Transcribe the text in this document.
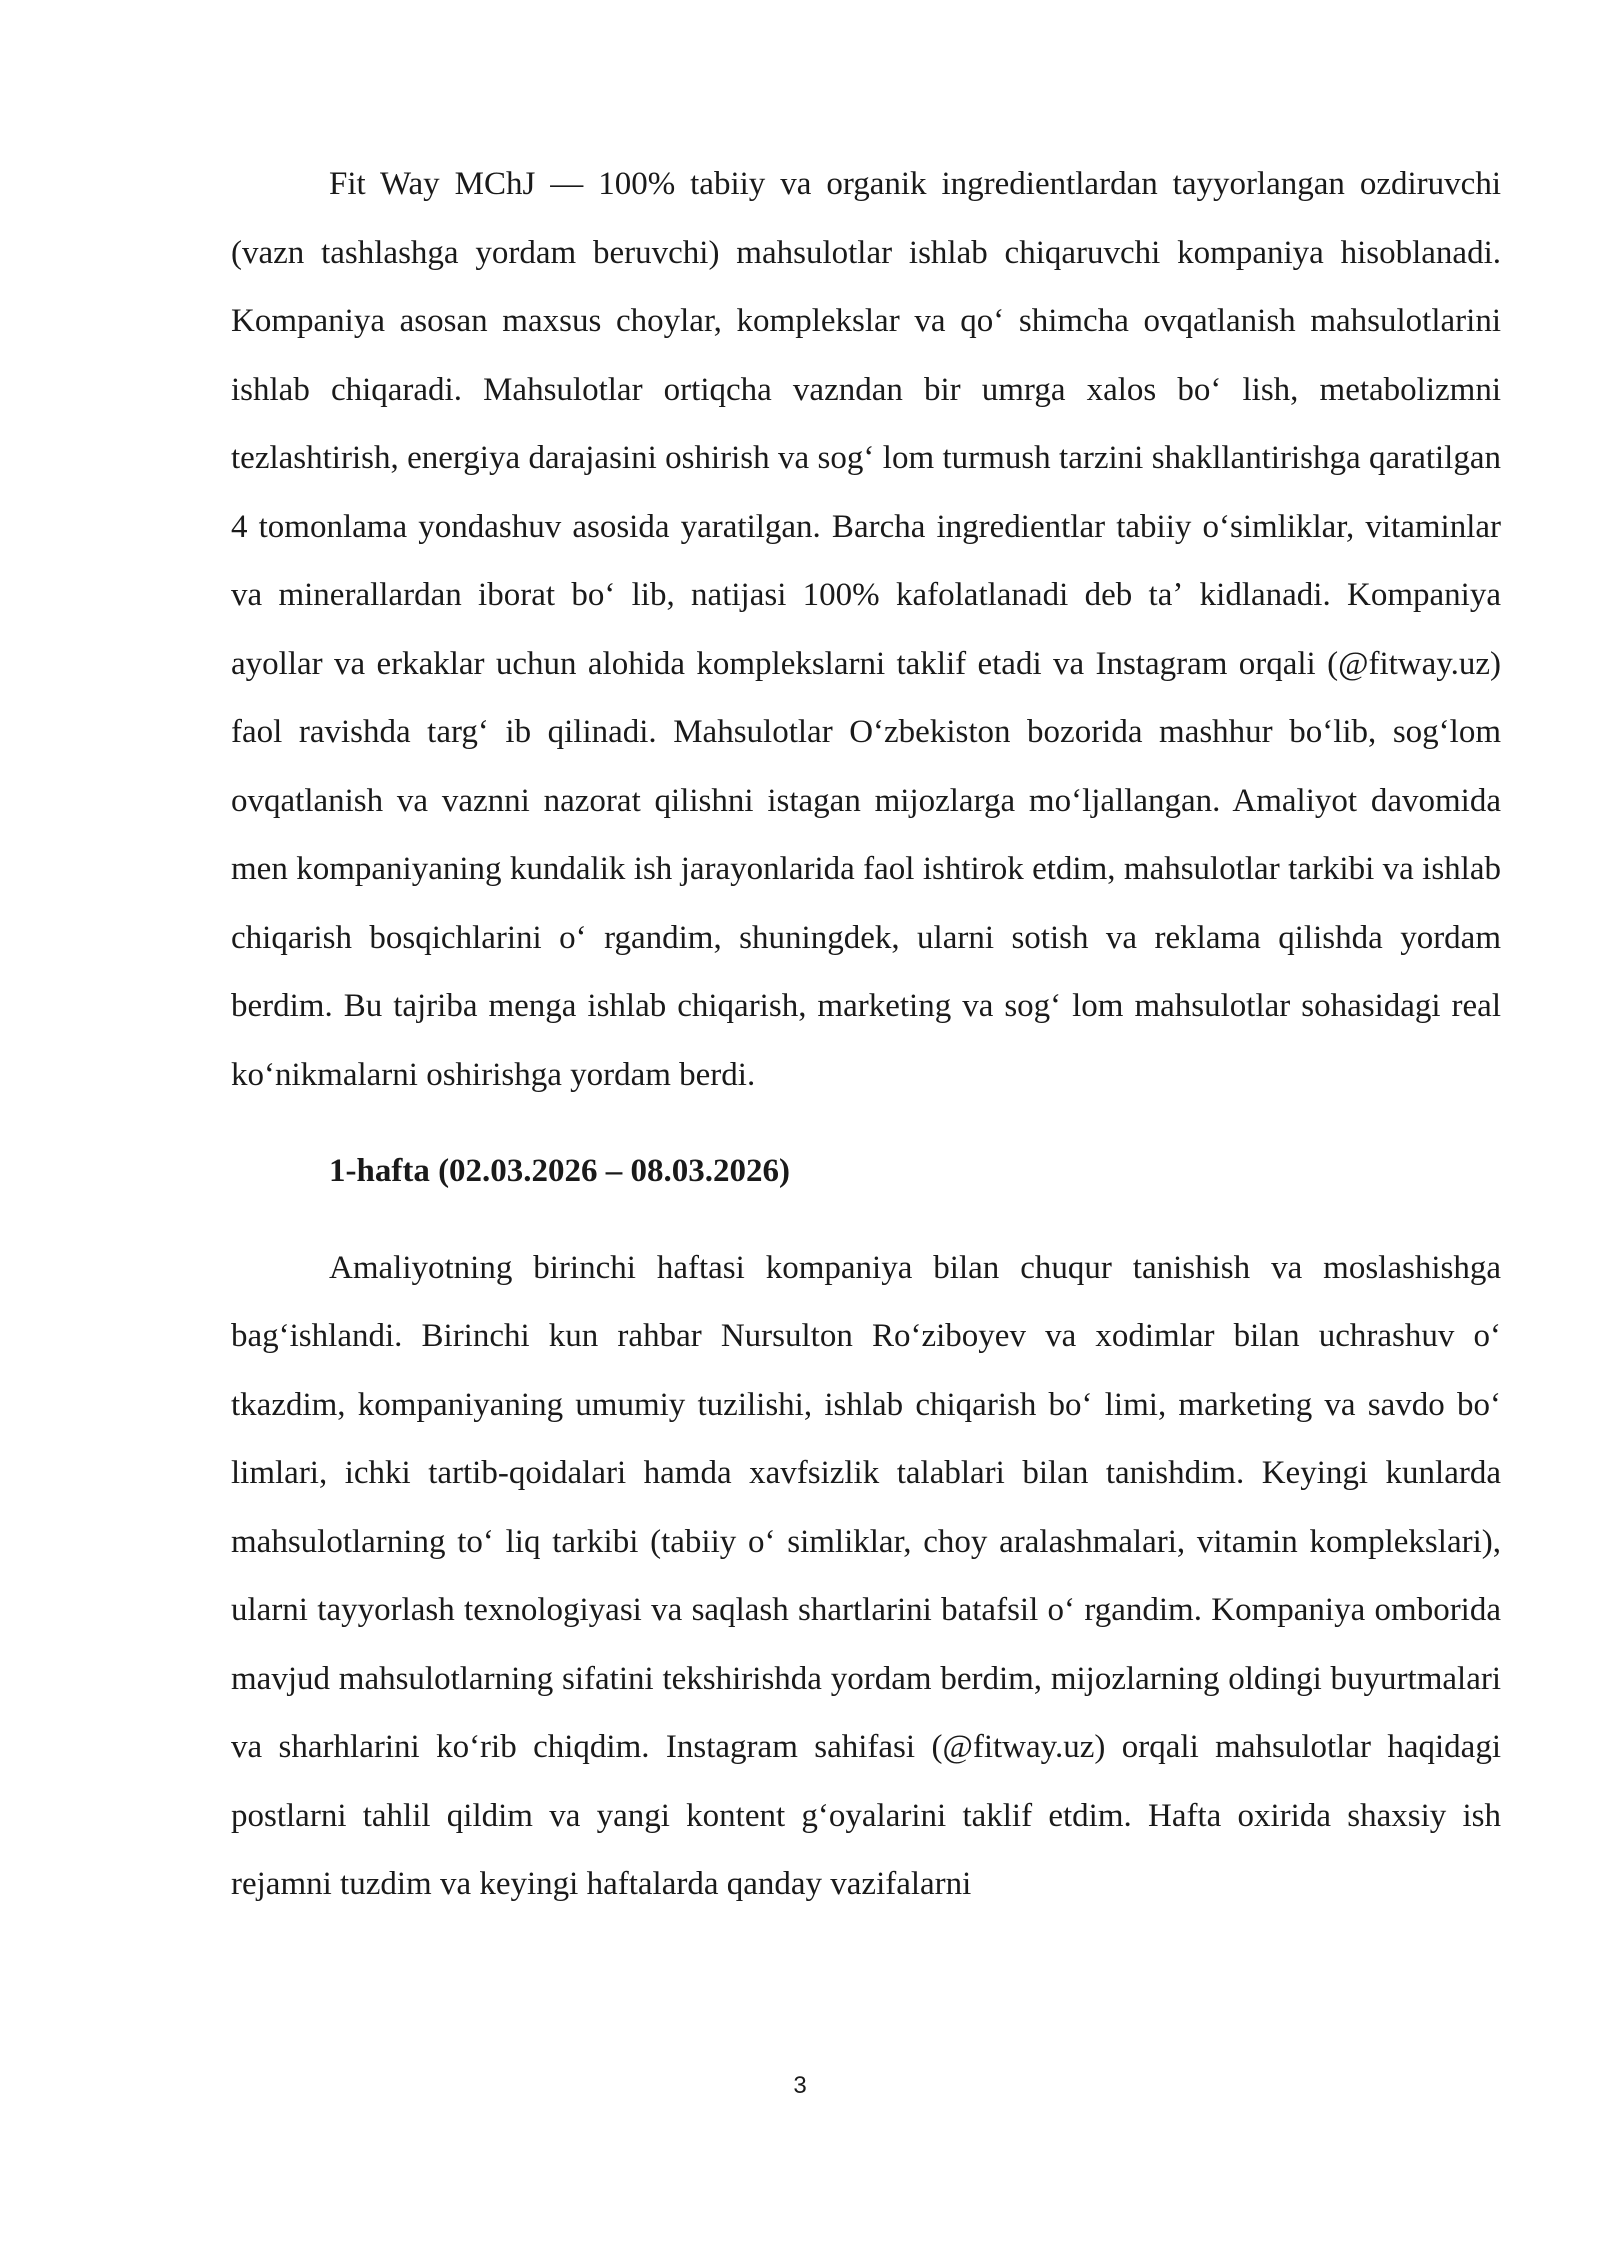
Fit Way MChJ — 100% tabiiy va organik ingredientlardan tayyorlangan ozdiruvchi (vazn tashlashga yordam beruvchi) mahsulotlar ishlab chiqaruvchi kompaniya hisoblanadi. Kompaniya asosan maxsus choylar, komplekslar va qoʻ shimcha ovqatlanish mahsulotlarini ishlab chiqaradi. Mahsulotlar ortiqcha vazndan bir umrga xalos boʻ lish, metabolizmni tezlashtirish, energiya darajasini oshirish va sogʻ lom turmush tarzini shakllantirishga qaratilgan 4 tomonlama yondashuv asosida yaratilgan. Barcha ingredientlar tabiiy oʻsimliklar, vitaminlar va minerallardan iborat boʻ lib, natijasi 100% kafolatlanadi deb taʼ kidlanadi. Kompaniya ayollar va erkaklar uchun alohida komplekslarni taklif etadi va Instagram orqali (@fitway.uz) faol ravishda targʻ ib qilinadi. Mahsulotlar Oʻzbekiston bozorida mashhur boʻlib, sogʻlom ovqatlanish va vaznni nazorat qilishni istagan mijozlarga moʻljallangan. Amaliyot davomida men kompaniyaning kundalik ish jarayonlarida faol ishtirok etdim, mahsulotlar tarkibi va ishlab chiqarish bosqichlarini oʻ rgandim, shuningdek, ularni sotish va reklama qilishda yordam berdim. Bu tajriba menga ishlab chiqarish, marketing va sogʻ lom mahsulotlar sohasidagi real koʻnikmalarni oshirishga yordam berdi.

1-hafta (02.03.2026 – 08.03.2026)

Amaliyotning birinchi haftasi kompaniya bilan chuqur tanishish va moslashishga bagʻishlandi. Birinchi kun rahbar Nursulton Roʻziboyev va xodimlar bilan uchrashuv oʻ tkazdim, kompaniyaning umumiy tuzilishi, ishlab chiqarish boʻ limi, marketing va savdo boʻ limlari, ichki tartib-qoidalari hamda xavfsizlik talablari bilan tanishdim. Keyingi kunlarda mahsulotlarning toʻ liq tarkibi (tabiiy oʻ simliklar, choy aralashmalari, vitamin komplekslari), ularni tayyorlash texnologiyasi va saqlash shartlarini batafsil oʻ rgandim. Kompaniya omborida mavjud mahsulotlarning sifatini tekshirishda yordam berdim, mijozlarning oldingi buyurtmalari va sharhlarini koʻrib chiqdim. Instagram sahifasi (@fitway.uz) orqali mahsulotlar haqidagi postlarni tahlil qildim va yangi kontent gʻoyalarini taklif etdim. Hafta oxirida shaxsiy ish rejamni tuzdim va keyingi haftalarda qanday vazifalarni

3
